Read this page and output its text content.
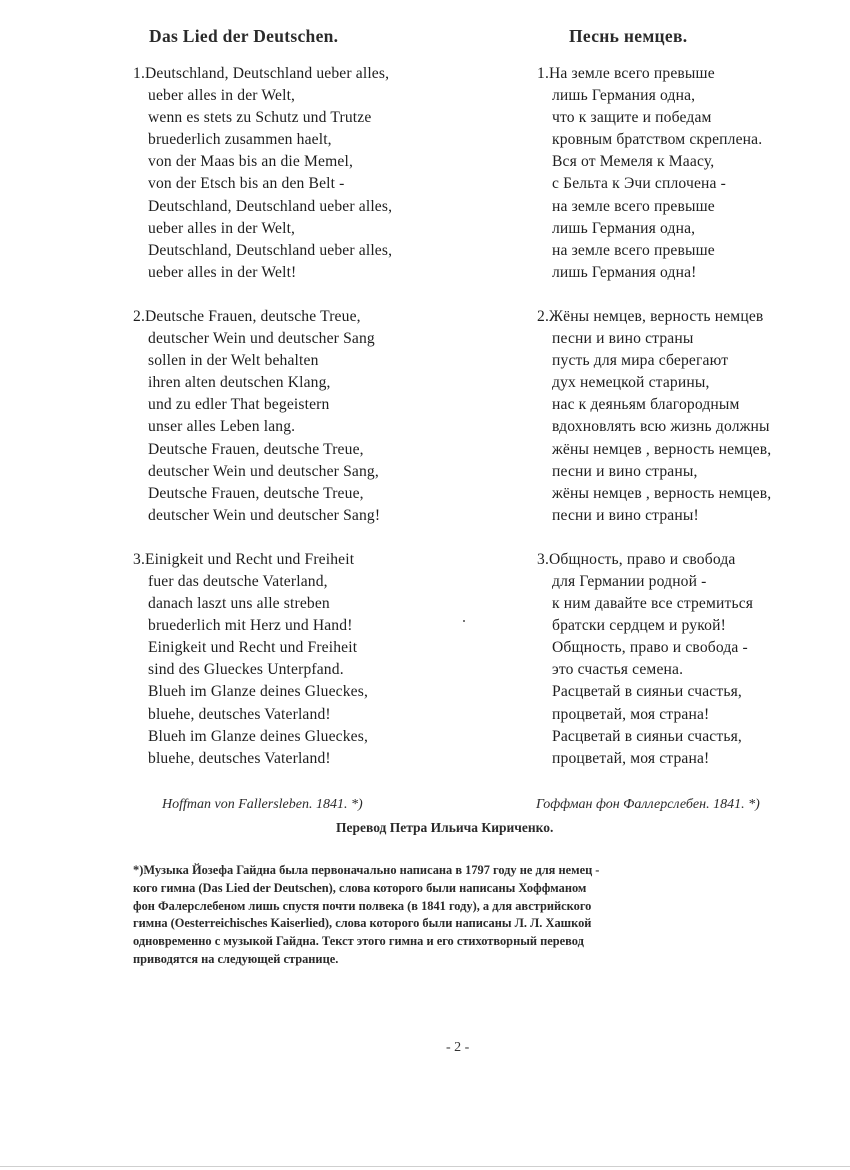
Das Lied der Deutschen.	Песнь немцев.
1.Deutschland, Deutschland ueber alles,
ueber alles in der Welt,
wenn es stets zu Schutz und Trutze
bruederlich zusammen haelt,
von der Maas bis an die Memel,
von der Etsch bis an den Belt -
Deutschland, Deutschland ueber alles,
ueber alles in der Welt,
Deutschland, Deutschland ueber alles,
ueber alles in der Welt!
2.Deutsche Frauen, deutsche Treue,
deutscher Wein und deutscher Sang
sollen in der Welt behalten
ihren alten deutschen Klang,
und zu edler That begeistern
unser alles Leben lang.
Deutsche Frauen, deutsche Treue,
deutscher Wein und deutscher Sang,
Deutsche Frauen, deutsche Treue,
deutscher Wein und deutscher Sang!
3.Einigkeit und Recht und Freiheit
fuer das deutsche Vaterland,
danach laszt uns alle streben
bruederlich mit Herz und Hand!
Einigkeit und Recht und Freiheit
sind des Glueckes Unterpfand.
Blueh im Glanze deines Glueckes,
bluehe, deutsches Vaterland!
Blueh im Glanze deines Glueckes,
bluehe, deutsches Vaterland!
1.На земле всего превыше
лишь Германия одна,
что к защите и победам
кровным братством скреплена.
Вся от Мемеля к Маасу,
с Бельта к Эчи сплочена -
на земле всего превыше
лишь Германия одна,
на земле всего превыше
лишь Германия одна!
2.Жёны немцев, верность немцев
песни и вино страны
пусть для мира сберегают
дух немецкой старины,
нас к деяньям благородным
вдохновлять всю жизнь должны
жёны немцев , верность немцев,
песни и вино страны,
жёны немцев , верность немцев,
песни и вино страны!
3.Общность, право и свобода
для Германии родной -
к ним давайте все стремиться
братски сердцем и рукой!
Общность, право и свобода -
это счастья семена.
Расцветай в сияньи счастья,
процветай, моя страна!
Расцветай в сияньи счастья,
процветай, моя страна!
Hoffman von Fallersleben. 1841. *)	Гоффман фон Фаллерслебен. 1841. *)
Перевод Петра Ильича Кириченко.
*)Музыка Йозефа Гайдна была первоначально написана в 1797 году не для немец -
кого гимна (Das Lied der Deutschen), слова которого были написаны Хоффманом
фон Фалерслебеном лишь спустя почти полвека (в 1841 году), а для австрийского
гимна (Oesterreichisches Kaiserlied), слова которого были написаны Л. Л. Хашкой
одновременно с музыкой Гайдна. Текст этого гимна и его стихотворный перевод
приводятся на следующей странице.
- 2 -
